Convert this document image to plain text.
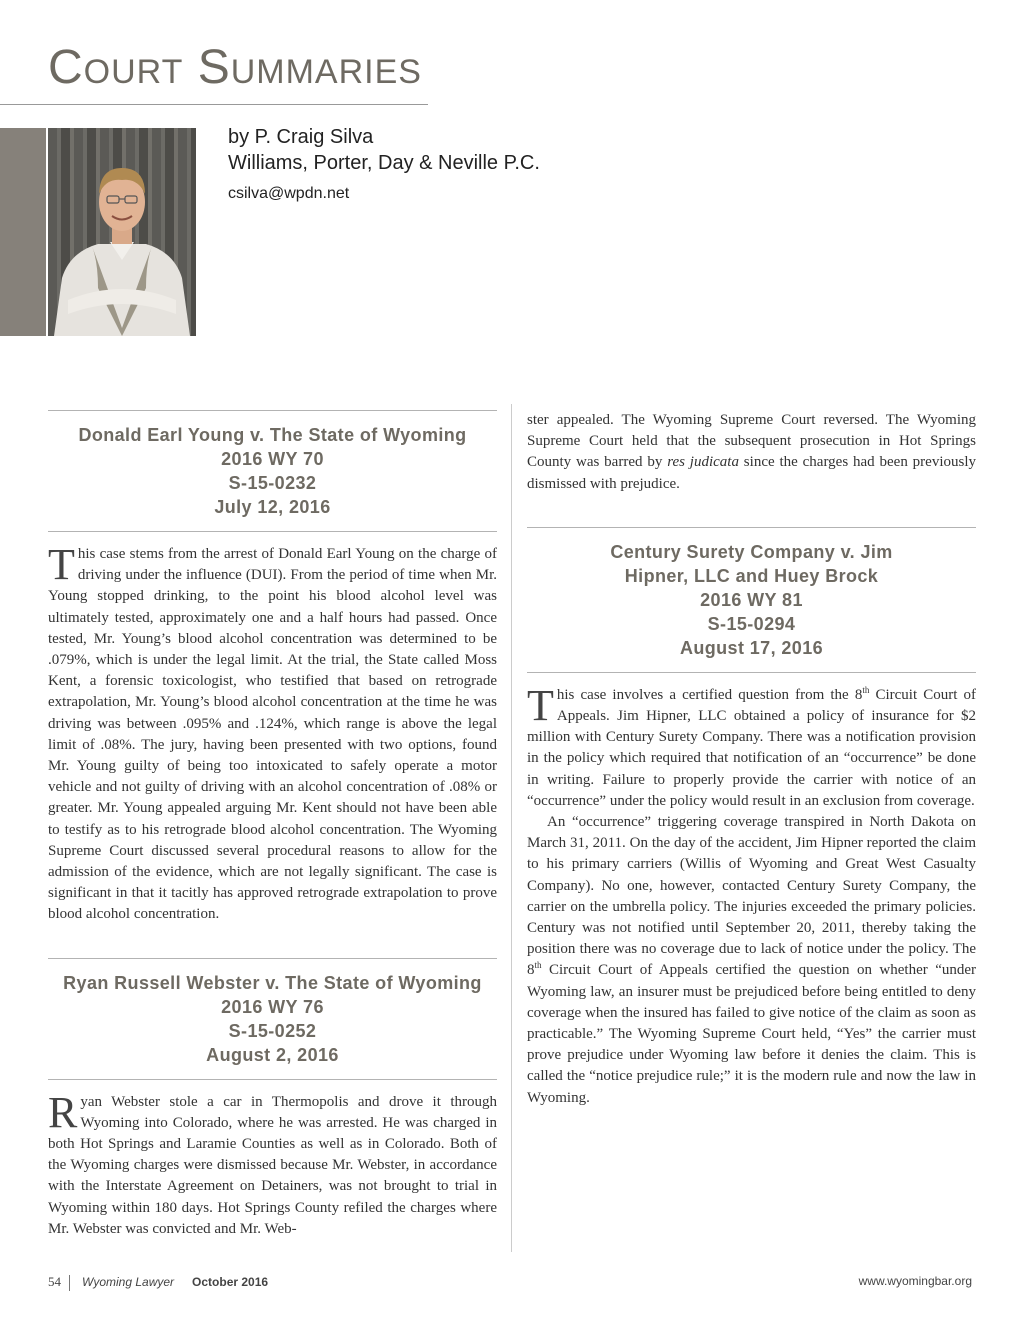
Court Summaries
by P. Craig Silva
Williams, Porter, Day & Neville P.C.
csilva@wpdn.net
Donald Earl Young v. The State of Wyoming
2016 WY 70
S-15-0232
July 12, 2016

This case stems from the arrest of Donald Earl Young on the charge of driving under the influence (DUI). From the period of time when Mr. Young stopped drinking, to the point his blood alcohol level was ultimately tested, approximately one and a half hours had passed. Once tested, Mr. Young’s blood alcohol concentration was determined to be .079%, which is under the legal limit. At the trial, the State called Moss Kent, a forensic toxicologist, who testified that based on retrograde extrapolation, Mr. Young’s blood alcohol concentration at the time he was driving was between .095% and .124%, which range is above the legal limit of .08%. The jury, having been presented with two options, found Mr. Young guilty of being too intoxicated to safely operate a motor vehicle and not guilty of driving with an alcohol concentration of .08% or greater. Mr. Young appealed arguing Mr. Kent should not have been able to testify as to his retrograde blood alcohol concentration. The Wyoming Supreme Court discussed several procedural reasons to allow for the admission of the evidence, which are not legally significant. The case is significant in that it tacitly has approved retrograde extrapolation to prove blood alcohol concentration.

Ryan Russell Webster v. The State of Wyoming
2016 WY 76
S-15-0252
August 2, 2016

Ryan Webster stole a car in Thermopolis and drove it through Wyoming into Colorado, where he was arrested. He was charged in both Hot Springs and Laramie Counties as well as in Colorado. Both of the Wyoming charges were dismissed because Mr. Webster, in accordance with the Interstate Agreement on Detainers, was not brought to trial in Wyoming within 180 days. Hot Springs County refiled the charges where Mr. Webster was convicted and Mr. Web-

ster appealed. The Wyoming Supreme Court reversed. The Wyoming Supreme Court held that the subsequent prosecution in Hot Springs County was barred by res judicata since the charges had been previously dismissed with prejudice.

Century Surety Company v. Jim
Hipner, LLC and Huey Brock
2016 WY 81
S-15-0294
August 17, 2016

This case involves a certified question from the 8th Circuit Court of Appeals. Jim Hipner, LLC obtained a policy of insurance for $2 million with Century Surety Company. There was a notification provision in the policy which required that notification of an “occurrence” be done in writing. Failure to properly provide the carrier with notice of an “occurrence” under the policy would result in an exclusion from coverage.

An “occurrence” triggering coverage transpired in North Dakota on March 31, 2011. On the day of the accident, Jim Hipner reported the claim to his primary carriers (Willis of Wyoming and Great West Casualty Company). No one, however, contacted Century Surety Company, the carrier on the umbrella policy. The injuries exceeded the primary policies. Century was not notified until September 20, 2011, thereby taking the position there was no coverage due to lack of notice under the policy. The 8th Circuit Court of Appeals certified the question on whether “under Wyoming law, an insurer must be prejudiced before being entitled to deny coverage when the insured has failed to give notice of the claim as soon as practicable.” The Wyoming Supreme Court held, “Yes” the carrier must prove prejudice under Wyoming law before it denies the claim. This is called the “notice prejudice rule;” it is the modern rule and now the law in Wyoming.

54 Wyoming Lawyer October 2016	www.wyomingbar.org
